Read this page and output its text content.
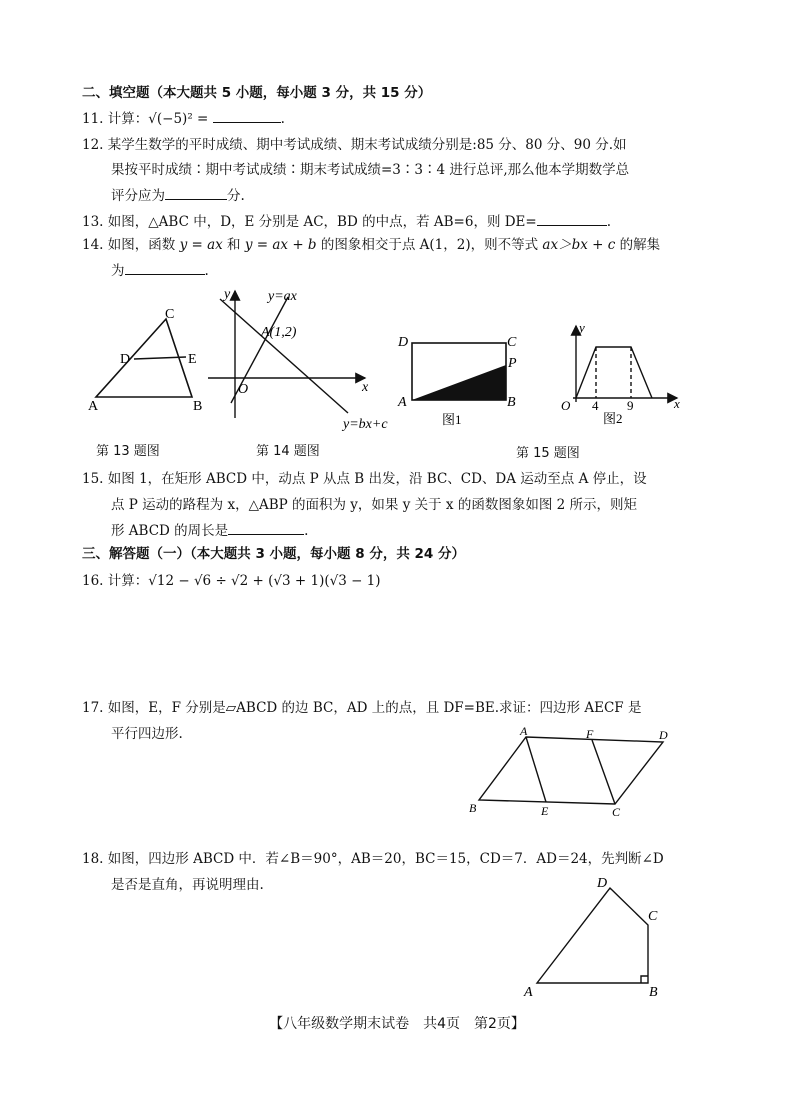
二、填空题（本大题共 5 小题，每小题 3 分，共 15 分）
11. 计算：√(−5)² =	.
12. 某学生数学的平时成绩、期中考试成绩、期末考试成绩分别是:85 分、80 分、90 分.如
果按平时成绩∶期中考试成绩∶期末考试成绩=3∶3∶4 进行总评,那么他本学期数学总
评分应为	分.
13. 如图，△ABC 中，D，E 分别是 AC，BD 的中点，若 AB=6，则 DE=	.
14. 如图，函数 y = ax 和 y = ax + b 的图象相交于点 A(1，2)，则不等式 ax＞bx + c 的解集
为	.
A	B
C
D	E
第 13 题图
y
x
O
A(1,2)
y=ax
y=bx+c
第 14 题图
D	C
P
A	B
图1
y
x
O 4 9
图2
第 15 题图
15. 如图 1，在矩形 ABCD 中，动点 P 从点 B 出发，沿 BC、CD、DA 运动至点 A 停止，设
点 P 运动的路程为 x，△ABP 的面积为 y，如果 y 关于 x 的函数图象如图 2 所示，则矩
形 ABCD 的周长是	.
三、解答题（一）（本大题共 3 小题，每小题 8 分，共 24 分）
16. 计算：√12 − √6 ÷ √2 + (√3 + 1)(√3 − 1)
17. 如图，E，F 分别是▱ABCD 的边 BC，AD 上的点，且 DF=BE.求证：四边形 AECF 是
平行四边形.	A	F	D
B	E	C
18. 如图，四边形 ABCD 中．若∠B＝90°，AB＝20，BC＝15，CD＝7．AD＝24，先判断∠D
是否是直角，再说明理由.
A	B
C
D
【八年级数学期末试卷　共4页　第2页】
